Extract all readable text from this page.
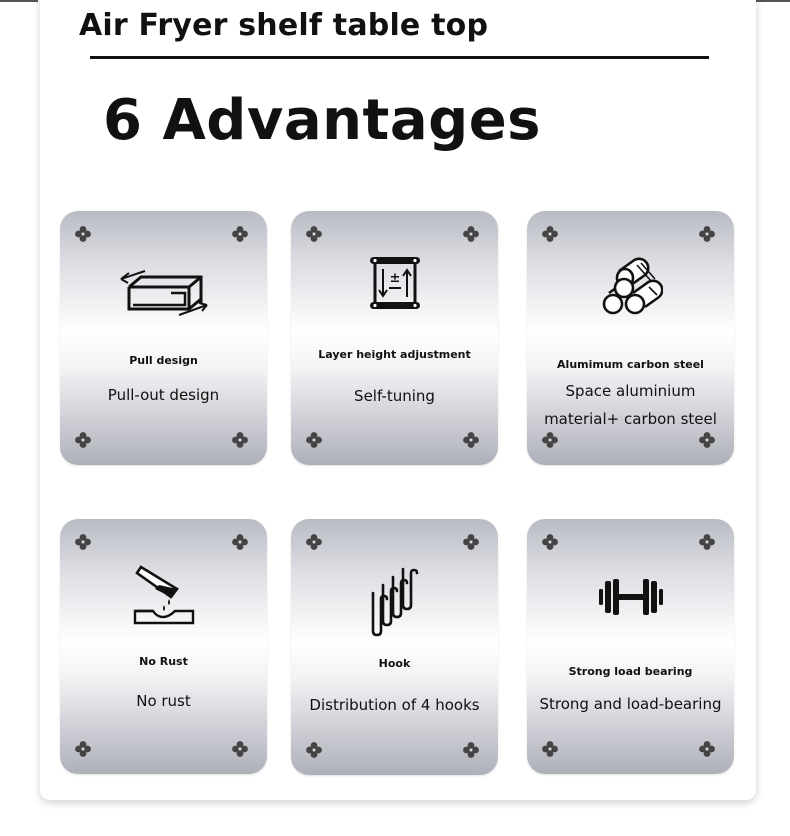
Air Fryer shelf table top
6 Advantages
Pull design
Pull-out design
±
Layer height adjustment
Self-tuning
Alumimum carbon steel
Space aluminium material+ carbon steel
No Rust
No rust
Hook
Distribution of 4 hooks
Strong load bearing
Strong and load-bearing
